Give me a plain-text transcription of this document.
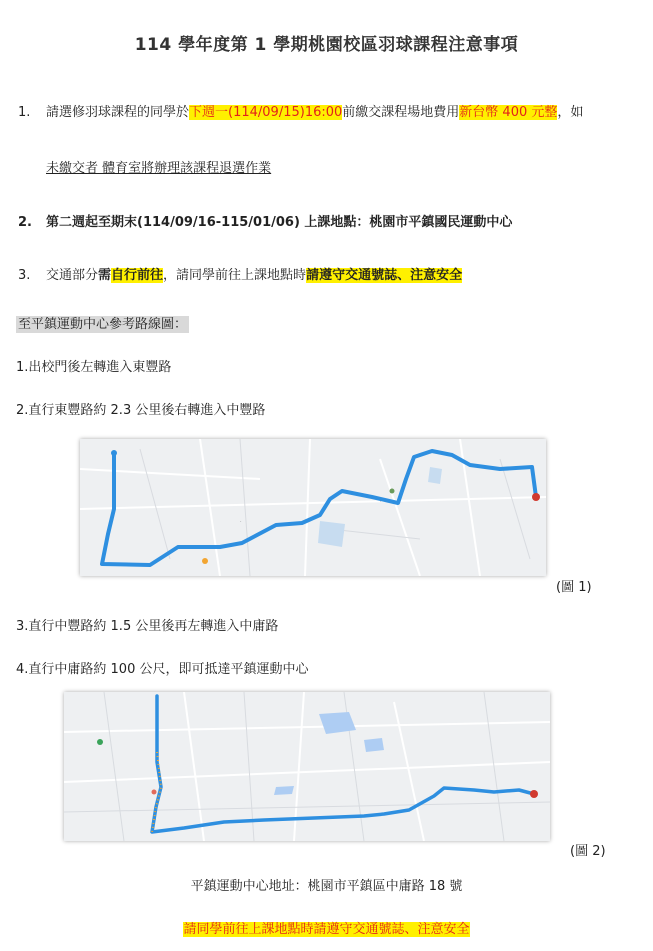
114 學年度第 1 學期桃園校區羽球課程注意事項
1. 請選修羽球課程的同學於下週一(114/09/15)16:00前繳交課程場地費用新台幣 400 元整，如
未繳交者 體育室將辦理該課程退選作業
2. 第二週起至期末(114/09/16-115/01/06) 上課地點：桃園市平鎮國民運動中心
3. 交通部分需自行前往，請同學前往上課地點時請遵守交通號誌、注意安全
至平鎮運動中心參考路線圖：
1.出校門後左轉進入東豐路
2.直行東豐路約 2.3 公里後右轉進入中豐路
·
·
(圖 1)
3.直行中豐路約 1.5 公里後再左轉進入中庸路
4.直行中庸路約 100 公尺，即可抵達平鎮運動中心
(圖 2)
平鎮運動中心地址：桃園市平鎮區中庸路 18 號
請同學前往上課地點時請遵守交通號誌、注意安全
